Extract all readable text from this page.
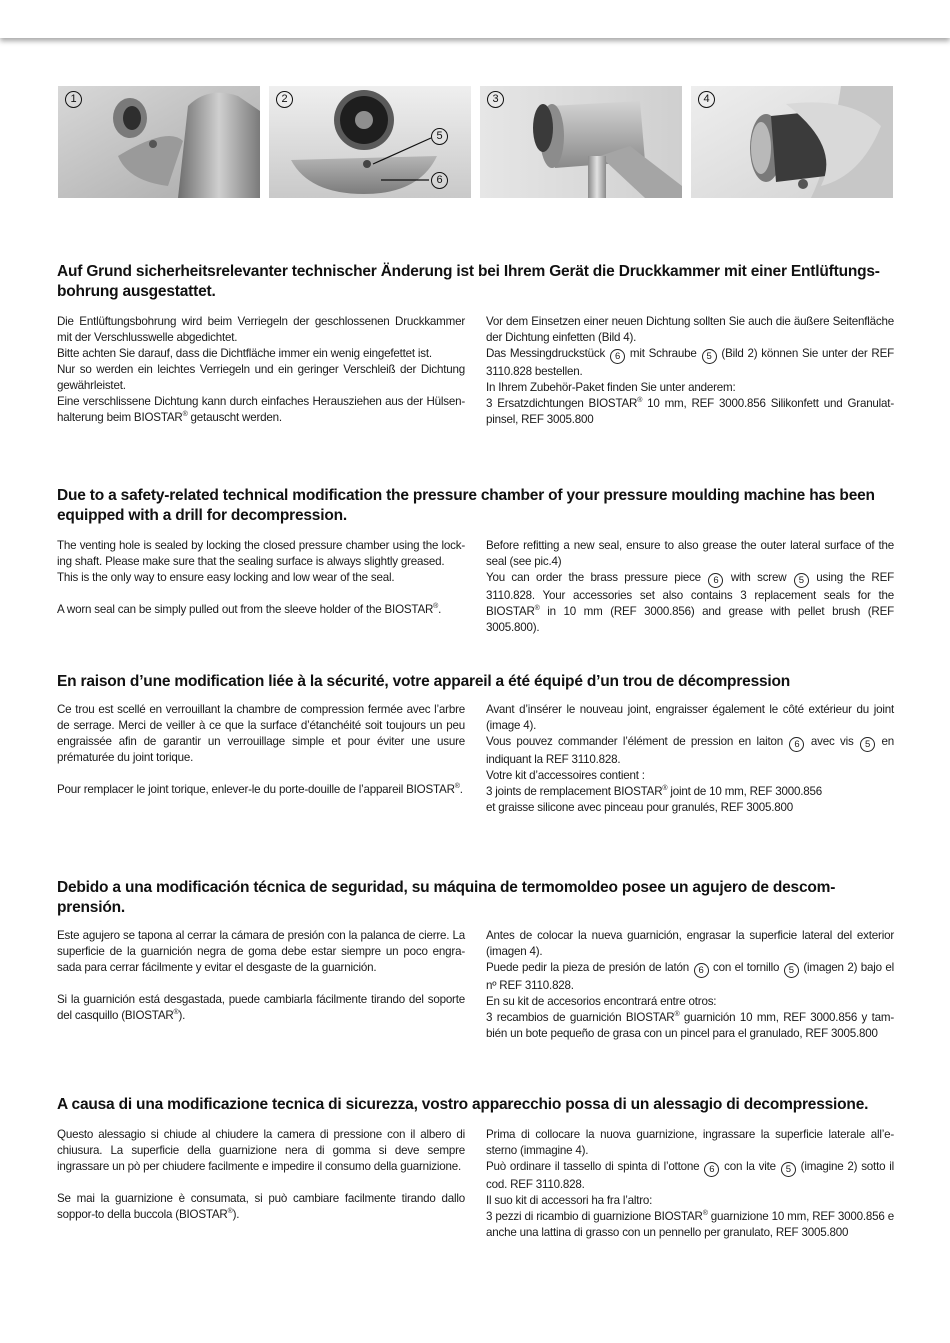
1	2
5
6
3	4
Auf Grund sicherheitsrelevanter technischer Änderung ist bei Ihrem Gerät die Druckkammer mit einer Entlüftungs-bohrung ausgestattet.

Die Entlüftungsbohrung wird beim Verriegeln der geschlossenen Druckkammer mit der Verschlusswelle abgedichtet.

Bitte achten Sie darauf, dass die Dichtfläche immer ein wenig eingefettet ist.

Nur so werden ein leichtes Verriegeln und ein geringer Verschleiß der Dichtung gewährleistet.

Eine verschlissene Dichtung kann durch einfaches Herausziehen aus der Hülsen-halterung beim BIOSTAR® getauscht werden.

Vor dem Einsetzen einer neuen Dichtung sollten Sie auch die äußere Seitenfläche der Dichtung einfetten (Bild 4).

Das Messingdruckstück 6 mit Schraube 5 (Bild 2) können Sie unter der REF 3110.828 bestellen.

In Ihrem Zubehör-Paket finden Sie unter anderem:

3 Ersatzdichtungen BIOSTAR® 10 mm, REF 3000.856 Silikonfett und Granulat-pinsel, REF 3005.800

Due to a safety-related technical modification the pressure chamber of your pressure moulding machine has been equipped with a drill for decompression.

The venting hole is sealed by locking the closed pressure chamber using the lock-ing shaft. Please make sure that the sealing surface is always slightly greased.

This is the only way to ensure easy locking and low wear of the seal.

A worn seal can be simply pulled out from the sleeve holder of the BIOSTAR®.

Before refitting a new seal, ensure to also grease the outer lateral surface of the seal (see pic.4)

You can order the brass pressure piece 6 with screw 5 using the REF 3110.828. Your accessories set also contains 3 replacement seals for the BIOSTAR® in 10 mm (REF 3000.856) and grease with pellet brush (REF 3005.800).

En raison d’une modification liée à la sécurité, votre appareil a été équipé d’un trou de décompression

Ce trou est scellé en verrouillant la chambre de compression fermée avec l’arbre de serrage. Merci de veiller à ce que la surface d’étanchéité soit toujours un peu engraissée afin de garantir un verrouillage simple et pour éviter une usure prématurée du joint torique.

Pour remplacer le joint torique, enlever-le du porte-douille de l’appareil BIOSTAR®.

Avant d’insérer le nouveau joint, engraisser également le côté extérieur du joint (image 4).

Vous pouvez commander l’élément de pression en laiton 6 avec vis 5 en indiquant la REF 3110.828.

Votre kit d’accessoires contient :

3 joints de remplacement BIOSTAR® joint de 10 mm, REF 3000.856

et graisse silicone avec pinceau pour granulés, REF 3005.800

Debido a una modificación técnica de seguridad, su máquina de termomoldeo posee un agujero de descom-prensión.

Este agujero se tapona al cerrar la cámara de presión con la palanca de cierre. La superficie de la guarnición negra de goma debe estar siempre un poco engra-sada para cerrar fácilmente y evitar el desgaste de la guarnición.

Si la guarnición está desgastada, puede cambiarla fácilmente tirando del soporte del casquillo (BIOSTAR®).

Antes de colocar la nueva guarnición, engrasar la superficie lateral del exterior (imagen 4).

Puede pedir la pieza de presión de latón 6 con el tornillo 5 (imagen 2) bajo el nº REF 3110.828.

En su kit de accesorios encontrará entre otros:

3 recambios de guarnición BIOSTAR® guarnición 10 mm, REF 3000.856 y tam-bién un bote pequeño de grasa con un pincel para el granulado, REF 3005.800

A causa di una modificazione tecnica di sicurezza, vostro apparecchio possa di un alessagio di decompressione.

Questo alessagio si chiude al chiudere la camera di pressione con il albero di chiusura. La superficie della guarnizione nera di gomma si deve sempre ingrassare un pò per chiudere facilmente e impedire il consumo della guarnizione.

Se mai la guarnizione è consumata, si può cambiare facilmente tirando dallo soppor-to della buccola (BIOSTAR®).

Prima di collocare la nuova guarnizione, ingrassare la superficie laterale all’e-sterno (immagine 4).

Può ordinare il tassello di spinta di l’ottone 6 con la vite 5 (imagine 2) sotto il cod. REF 3110.828.

Il suo kit di accessori ha fra l’altro:

3 pezzi di ricambio di guarnizione BIOSTAR® guarnizione 10 mm, REF 3000.856 e anche una lattina di grasso con un pennello per granulato, REF 3005.800
